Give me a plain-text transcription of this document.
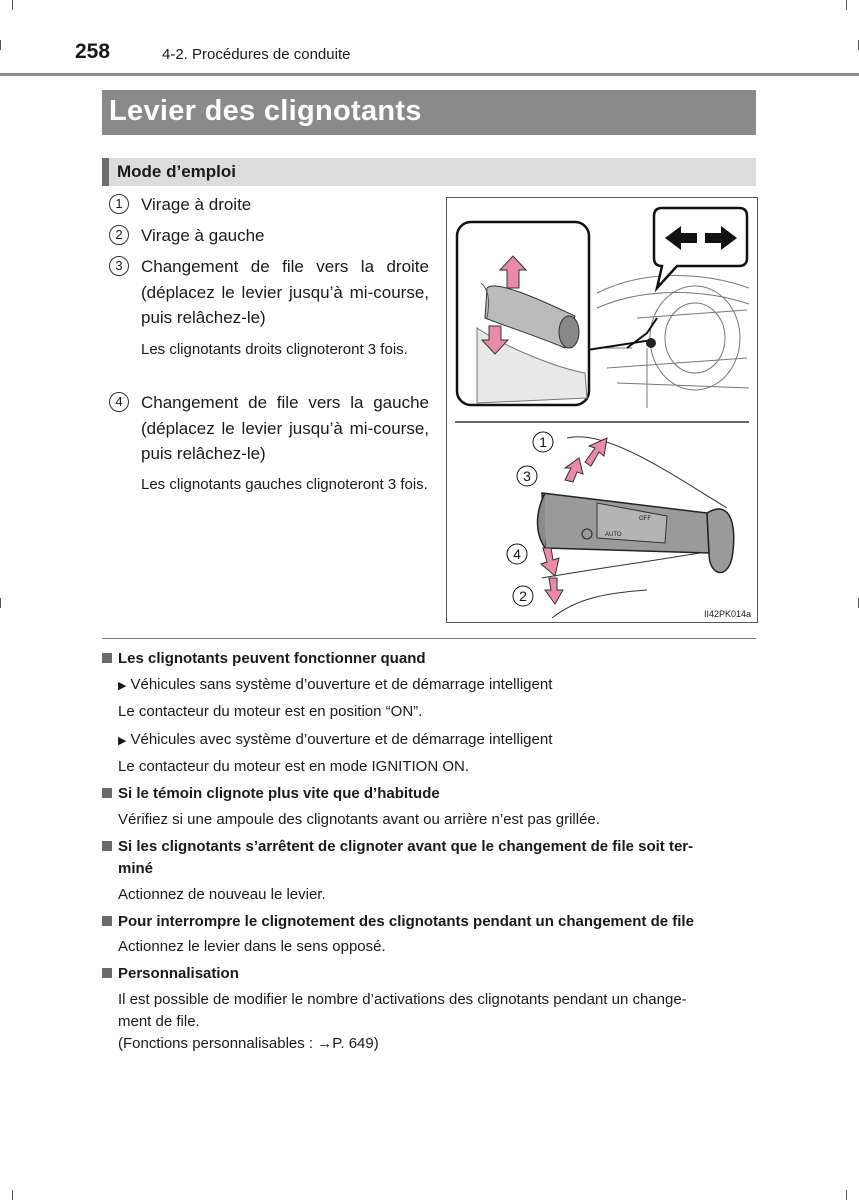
258	4-2. Procédures de conduite
Levier des clignotants
Mode d’emploi
1	Virage à droite
2	Virage à gauche
3	Changement de file vers la droite (déplacez le levier jusqu’à mi-course, puis relâchez-le)
Les clignotants droits clignoteront 3 fois.
4	Changement de file vers la gauche (déplacez le levier jusqu’à mi-course, puis relâchez-le)
Les clignotants gauches clignoteront 3 fois.
AUTO
OFF
1
3
4
2
II42PK014a
Les clignotants peuvent fonctionner quand
▶ Véhicules sans système d’ouverture et de démarrage intelligent
Le contacteur du moteur est en position “ON”.
▶ Véhicules avec système d’ouverture et de démarrage intelligent
Le contacteur du moteur est en mode IGNITION ON.
Si le témoin clignote plus vite que d’habitude
Vérifiez si une ampoule des clignotants avant ou arrière n’est pas grillée.
Si les clignotants s’arrêtent de clignoter avant que le changement de file soit ter-
miné
Actionnez de nouveau le levier.
Pour interrompre le clignotement des clignotants pendant un changement de file
Actionnez le levier dans le sens opposé.
Personnalisation
Il est possible de modifier le nombre d’activations des clignotants pendant un change-
ment de file.
(Fonctions personnalisables : →P. 649)
